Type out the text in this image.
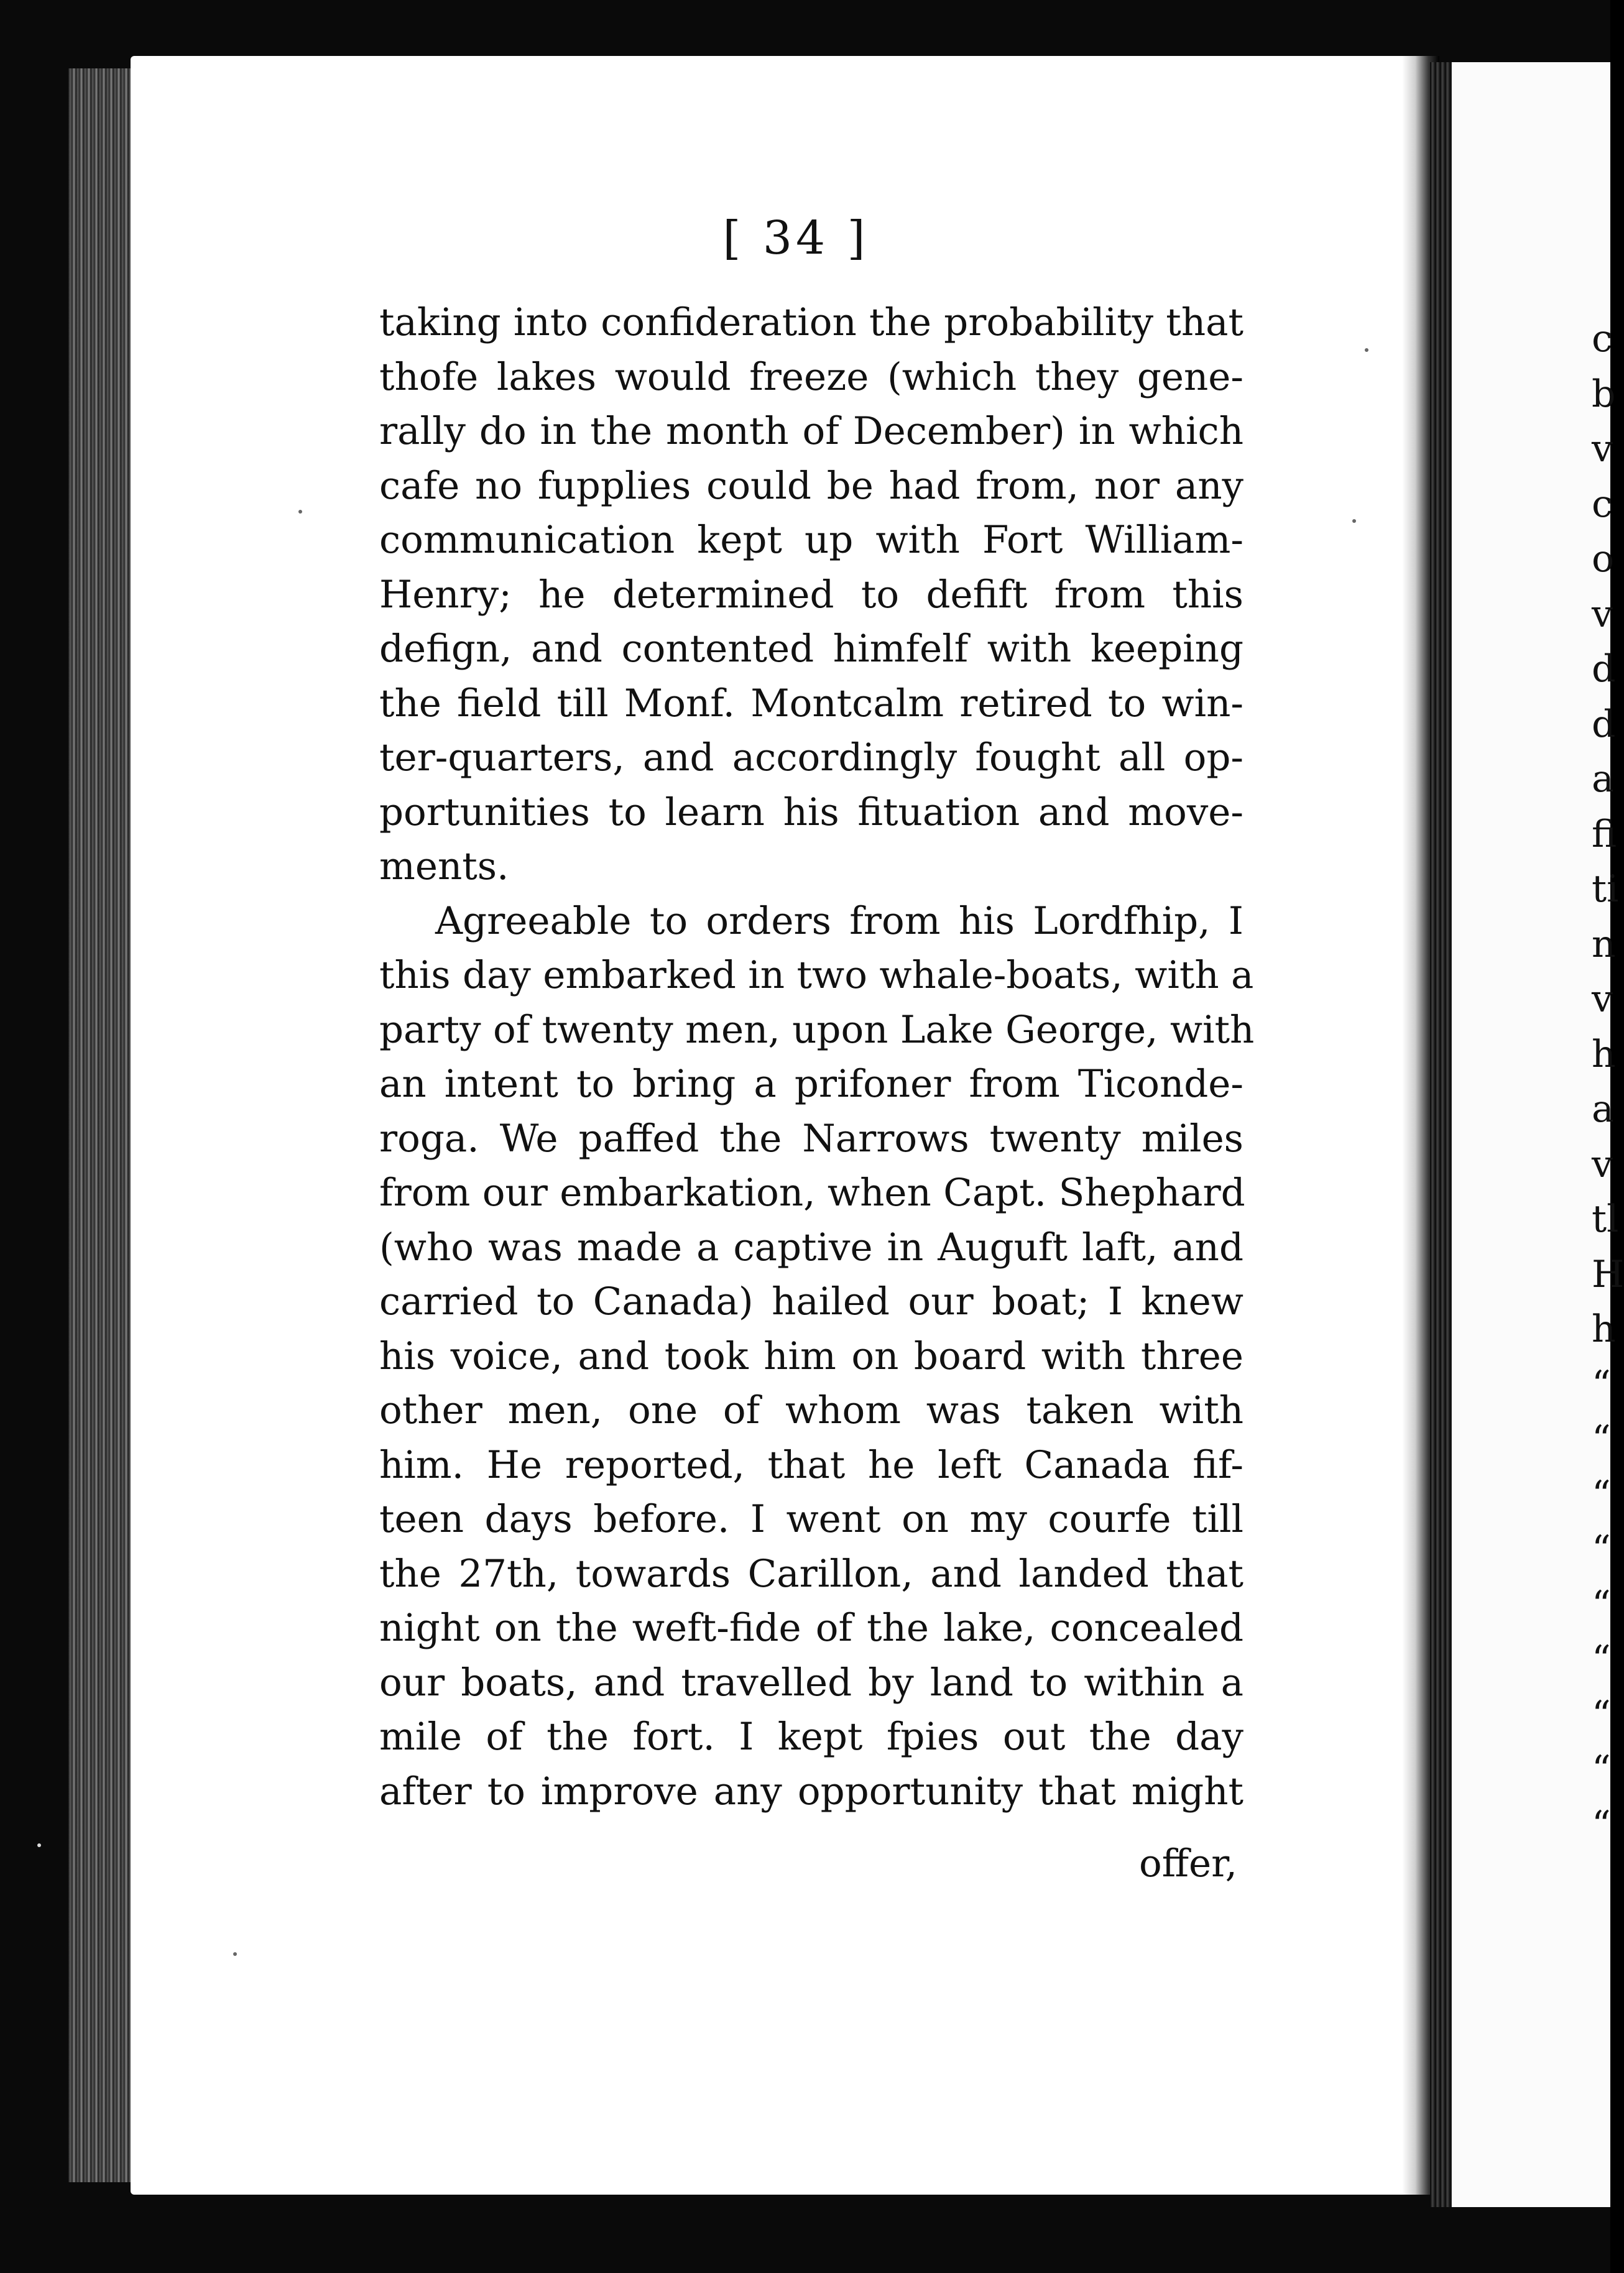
[ 34 ]
taking into confideration the probability that
thofe lakes would freeze (which they gene-
rally do in the month of December) in which
cafe no fupplies could be had from, nor any
communication kept up with Fort William-
Henry; he determined to defift from this
defign, and contented himfelf with keeping
the field till Monf. Montcalm retired to win-
ter-quarters, and accordingly fought all op-
portunities to learn his fituation and move-
ments.
Agreeable to orders from his Lordfhip, I
this day embarked in two whale-boats, with a
party of twenty men, upon Lake George, with
an intent to bring a prifoner from Ticonde-
roga. We paffed the Narrows twenty miles
from our embarkation, when Capt. Shephard
(who was made a captive in Auguft laft, and
carried to Canada) hailed our boat; I knew
his voice, and took him on board with three
other men, one of whom was taken with
him. He reported, that he left Canada fif-
teen days before. I went on my courfe till
the 27th, towards Carillon, and landed that
night on the weft-fide of the lake, concealed
our boats, and travelled by land to within a
mile of the fort. I kept fpies out the day
after to improve any opportunity that might
offer,
c
b
v
c
o
v
d
d
a
fi
ti
n
v
h
a
v
tl
H
h
“
“
“
“
“
“
“
“
“
